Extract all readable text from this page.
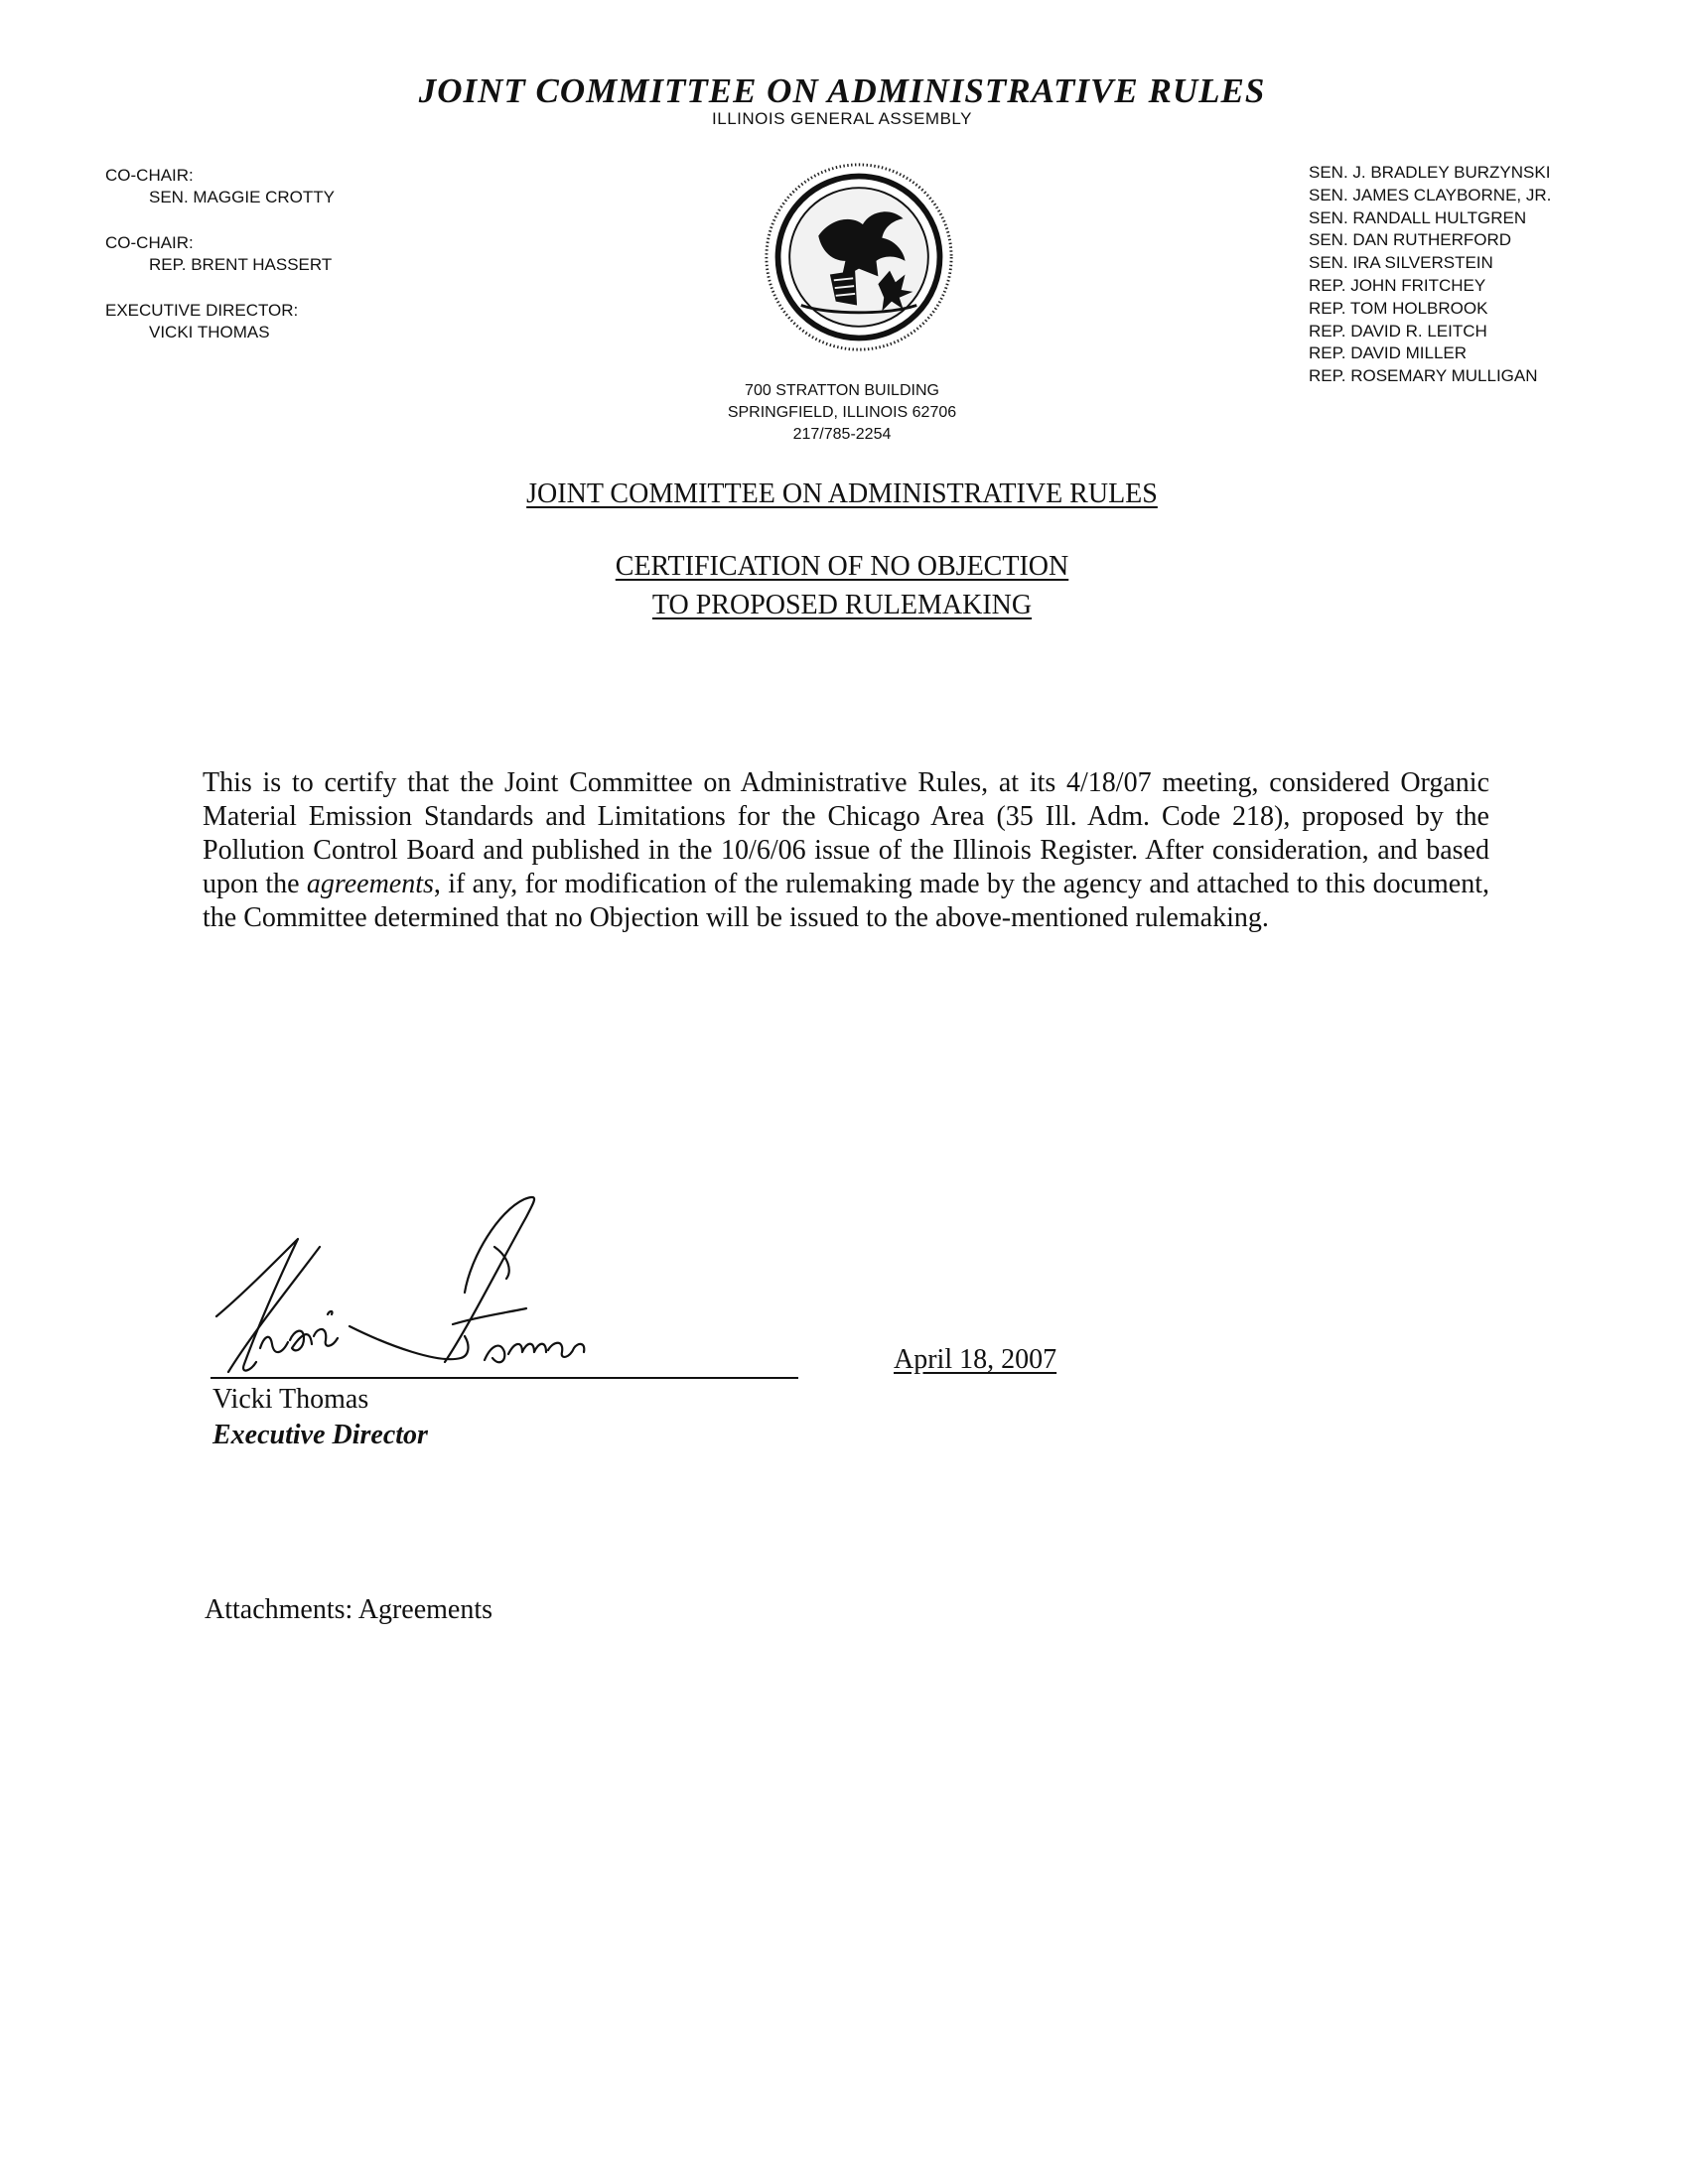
JOINT COMMITTEE ON ADMINISTRATIVE RULES
ILLINOIS GENERAL ASSEMBLY
CO-CHAIR:
SEN. MAGGIE CROTTY
CO-CHAIR:
REP. BRENT HASSERT
EXECUTIVE DIRECTOR:
VICKI THOMAS
SEN. J. BRADLEY BURZYNSKI
SEN. JAMES CLAYBORNE, JR.
SEN. RANDALL HULTGREN
SEN. DAN RUTHERFORD
SEN. IRA SILVERSTEIN
REP. JOHN FRITCHEY
REP. TOM HOLBROOK
REP. DAVID R. LEITCH
REP. DAVID MILLER
REP. ROSEMARY MULLIGAN
700 STRATTON BUILDING
SPRINGFIELD, ILLINOIS 62706
217/785-2254
JOINT COMMITTEE ON ADMINISTRATIVE RULES
CERTIFICATION OF NO OBJECTION
TO PROPOSED RULEMAKING

This is to certify that the Joint Committee on Administrative Rules, at its 4/18/07 meeting, considered Organic Material Emission Standards and Limitations for the Chicago Area (35 Ill. Adm. Code 218), proposed by the Pollution Control Board and published in the 10/6/06 issue of the Illinois Register. After consideration, and based upon the agreements, if any, for modification of the rulemaking made by the agency and attached to this document, the Committee determined that no Objection will be issued to the above-mentioned rulemaking.

April 18, 2007
Vicki Thomas
Executive Director
Attachments: Agreements
